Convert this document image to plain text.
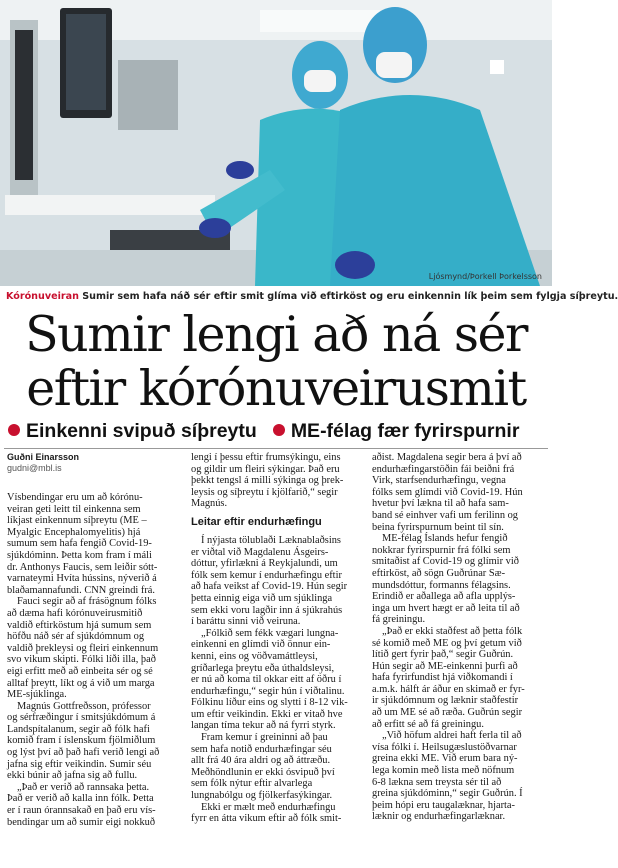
Ljósmynd/Þorkell Þorkelsson
Kórónuveiran Sumir sem hafa náð sér eftir smit glíma við eftirköst og eru einkennin lík þeim sem fylgja síþreytu.
Sumir lengi að ná sér
eftir kórónuveirusmit
Einkenni svipuð síþreytu ME-félag fær fyrirspurnir
Guðni Einarsson
gudni@mbl.is

Vísbendingar eru um að kórónu-

veiran geti leitt til einkenna sem

líkjast einkennum síþreytu (ME –

Myalgic Encephalomyelitis) hjá

sumum sem hafa fengið Covid-19-

sjúkdóminn. Þetta kom fram í máli

dr. Anthonys Faucis, sem leiðir sótt-

varnateymi Hvíta hússins, nýverið á

blaðamannafundi. CNN greindi frá.

Fauci segir að af frásögnum fólks

að dæma hafi kórónuveirusmitið

valdið eftirköstum hjá sumum sem

höfðu náð sér af sjúkdómnum og

valdið þrekleysi og fleiri einkennum

svo vikum skipti. Fólki líði illa, það

eigi erfitt með að einbeita sér og sé

alltaf þreytt, líkt og á við um marga

ME-sjúklinga.

Magnús Gottfreðsson, prófessor

og sérfræðingur í smitsjúkdómum á

Landspítalanum, segir að fólk hafi

komið fram í íslenskum fjölmiðlum

og lýst því að það hafi verið lengi að

jafna sig eftir veikindin. Sumir séu

ekki búnir að jafna sig að fullu.

„Það er verið að rannsaka þetta.

Það er verið að kalla inn fólk. Þetta

er í raun órannsakað en það eru vís-

bendingar um að sumir eigi nokkuð

lengi í þessu eftir frumsýkingu, eins

og gildir um fleiri sýkingar. Það eru

þekkt tengsl á milli sýkinga og þrek-

leysis og síþreytu í kjölfarið,“ segir

Magnús.

Leitar eftir endurhæfingu

Í nýjasta tölublaði Læknablaðsins

er viðtal við Magdalenu Ásgeirs-

dóttur, yfirlækni á Reykjalundi, um

fólk sem kemur í endurhæfingu eftir

að hafa veikst af Covid-19. Hún segir

þetta einnig eiga við um sjúklinga

sem ekki voru lagðir inn á sjúkrahús

í baráttu sinni við veiruna.

„Fólkið sem fékk vægari lungna-

einkenni en glímdi við önnur ein-

kenni, eins og vöðvamáttleysi,

gríðarlega þreytu eða úthaldsleysi,

er nú að koma til okkar eitt af öðru í

endurhæfingu,“ segir hún í viðtalinu.

Fólkinu líður eins og slytti í 8-12 vik-

um eftir veikindin. Ekki er vitað hve

langan tíma tekur að ná fyrri styrk.

Fram kemur í greininni að þau

sem hafa notið endurhæfingar séu

allt frá 40 ára aldri og að áttræðu.

Meðhöndlunin er ekki ósvipuð því

sem fólk nýtur eftir alvarlega

lungnabólgu og fjölkerfasýkingar.

Ekki er mælt með endurhæfingu

fyrr en átta vikum eftir að fólk smit-

aðist. Magdalena segir bera á því að

endurhæfingarstöðin fái beiðni frá

Virk, starfsendurhæfingu, vegna

fólks sem glímdi við Covid-19. Hún

hvetur því lækna til að hafa sam-

band sé einhver vafi um ferilinn og

beina fyrirspurnum beint til sín.

ME-félag Íslands hefur fengið

nokkrar fyrirspurnir frá fólki sem

smitaðist af Covid-19 og glímir við

eftirköst, að sögn Guðrúnar Sæ-

mundsdóttur, formanns félagsins.

Erindið er aðallega að afla upplýs-

inga um hvert hægt er að leita til að

fá greiningu.

„Það er ekki staðfest að þetta fólk

sé komið með ME og því getum við

lítið gert fyrir það,“ segir Guðrún.

Hún segir að ME-einkenni þurfi að

hafa fyrirfundist hjá viðkomandi í

a.m.k. hálft ár áður en skimað er fyr-

ir sjúkdómnum og læknir staðfestir

að um ME sé að ræða. Guðrún segir

að erfitt sé að fá greiningu.

„Við höfum aldrei haft ferla til að

vísa fólki í. Heilsugæslustöðvarnar

greina ekki ME. Við erum bara ný-

lega komin með lista með nöfnum

6-8 lækna sem treysta sér til að

greina sjúkdóminn,“ segir Guðrún. Í

þeim hópi eru taugalæknar, hjarta-

læknir og endurhæfingarlæknar.
